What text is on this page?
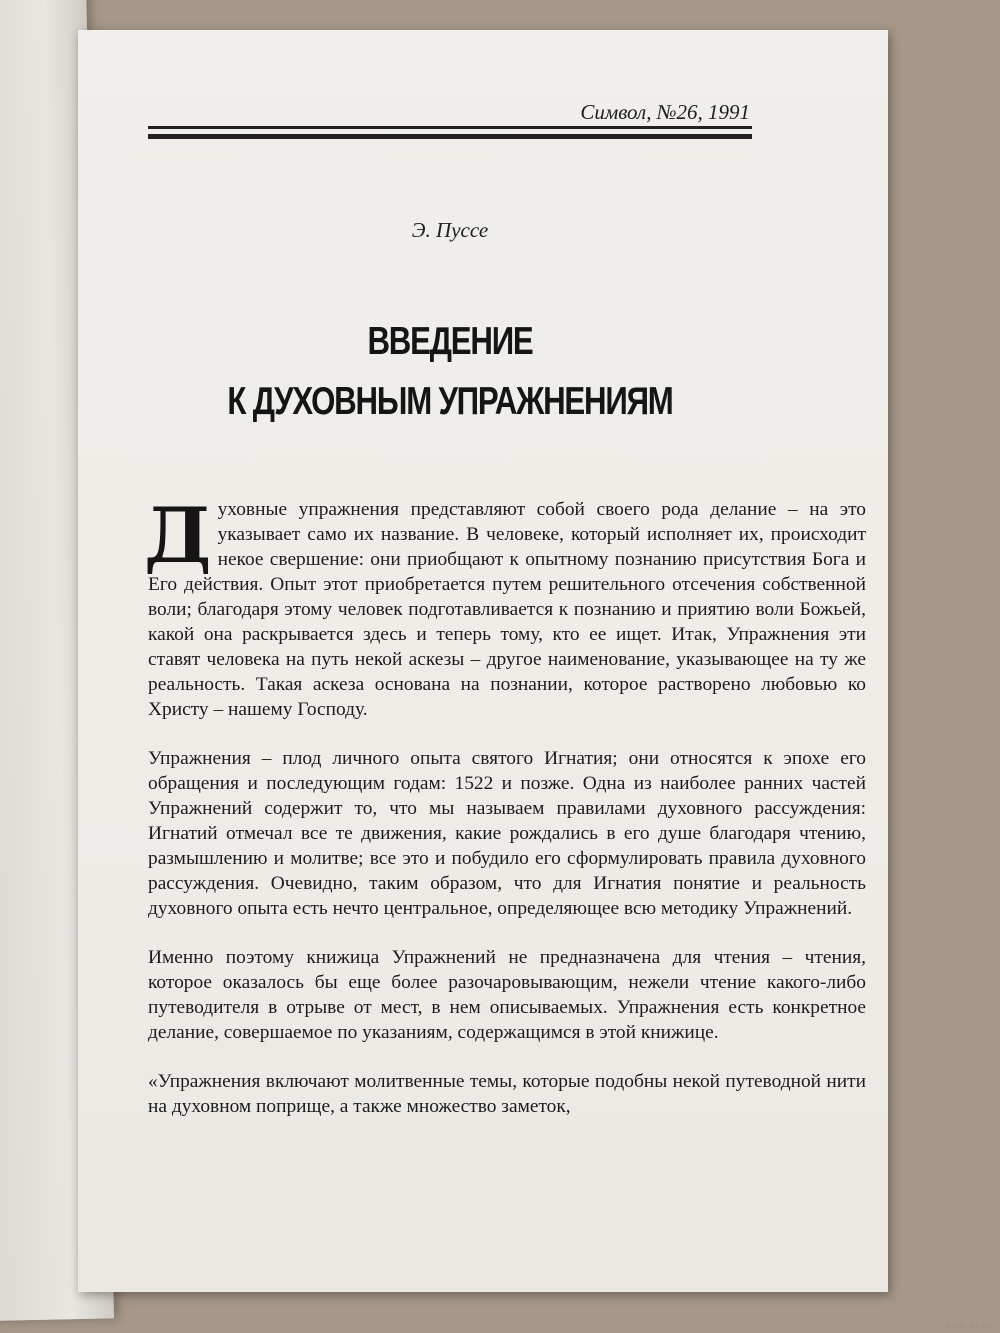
Символ, №26, 1991
Э. Пуссе
ВВЕДЕНИЕ
К ДУХОВНЫМ УПРАЖНЕНИЯМ

Духовные упражнения представляют собой своего рода делание – на это указывает само их название. В человеке, который исполняет их, происходит некое свершение: они приобщают к опытному познанию присутствия Бога и Его действия. Опыт этот приобретается путем решительного отсечения собственной воли; благодаря этому человек подготавливается к познанию и приятию воли Божьей, какой она раскрывается здесь и теперь тому, кто ее ищет. Итак, Упражнения эти ставят человека на путь некой аскезы – другое наименование, указывающее на ту же реальность. Такая аскеза основана на познании, которое растворено любовью ко Христу – нашему Господу.

Упражнения – плод личного опыта святого Игнатия; они относятся к эпохе его обращения и последующим годам: 1522 и позже. Одна из наиболее ранних частей Упражнений содержит то, что мы называем правилами духовного рассуждения: Игнатий отмечал все те движения, какие рождались в его душе благодаря чтению, размышлению и молитве; все это и побудило его сформулировать правила духовного рассуждения. Очевидно, таким образом, что для Игнатия понятие и реальность духовного опыта есть нечто центральное, определяющее всю методику Упражнений.

Именно поэтому книжица Упражнений не предназначена для чтения – чтения, которое оказалось бы еще более разочаровывающим, нежели чтение какого-либо путеводителя в отрыве от мест, в нем описываемых. Упражнения есть конкретное делание, совершаемое по указаниям, содержащимся в этой книжице.

«Упражнения включают молитвенные темы, которые подобны некой путеводной нити на духовном поприще, а также множество заметок,

www.ay.by
